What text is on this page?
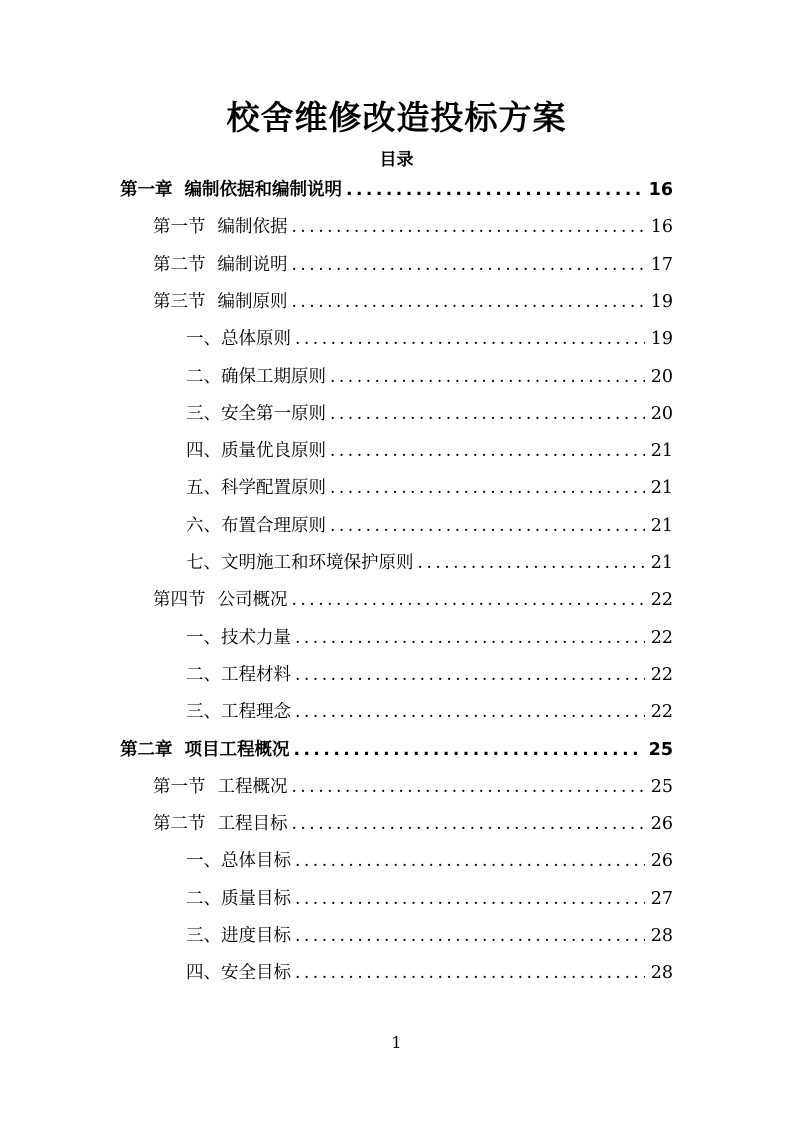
校舍维修改造投标方案
目录
第一章 编制依据和编制说明 .....	16
第一节 编制依据 .....	16
第二节 编制说明 .....	17
第三节 编制原则 .....	19
一、 总体原则 .....	19
二、 确保工期原则 .....	20
三、 安全第一原则 .....	20
四、 质量优良原则 .....	21
五、 科学配置原则 .....	21
六、 布置合理原则 .....	21
七、 文明施工和环境保护原则 .....	21
第四节 公司概况 .....	22
一、 技术力量 .....	22
二、 工程材料 .....	22
三、 工程理念 .....	22
第二章 项目工程概况 .....	25
第一节 工程概况 .....	25
第二节 工程目标 .....	26
一、 总体目标 .....	26
二、 质量目标 .....	27
三、 进度目标 .....	28
四、 安全目标 .....	28
1
